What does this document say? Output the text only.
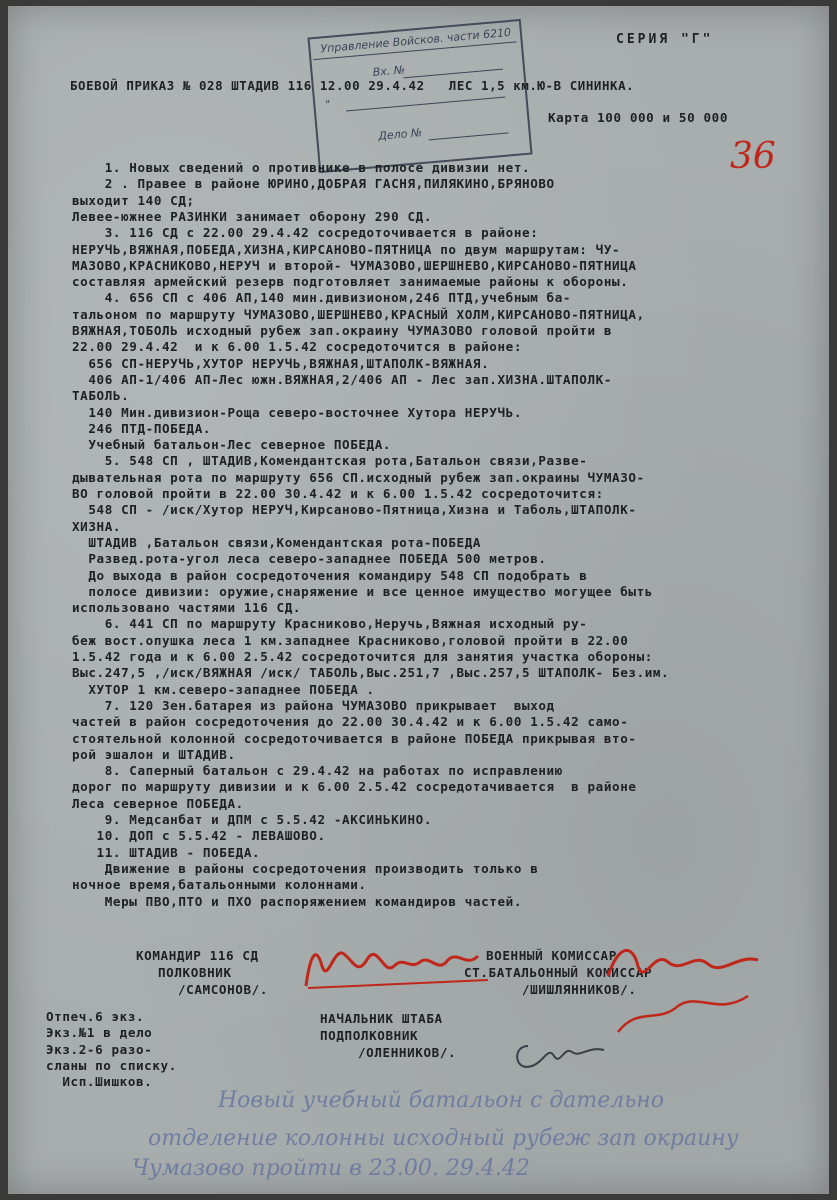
Управление Войсков. части 6210
Вх. №
"
Дело №
СЕРИЯ "Г"
БОЕВОЙ ПРИКАЗ № 028 ШТАДИВ 116 12.00 29.4.42   ЛЕС 1,5 км.Ю-В СИНИНКА.
Карта 100 000 и 50 000
36
1. Новых сведений о противнике в полосе дивизии нет.
2 . Правее в районе ЮРИНО,ДОБРАЯ ГАСНЯ,ПИЛЯКИНО,БРЯНОВО
выходит 140 СД;
Левее-южнее РАЗИНКИ занимает оборону 290 СД.
3. 116 СД с 22.00 29.4.42 сосредоточивается в районе:
НЕРУЧЬ,ВЯЖНАЯ,ПОБЕДА,ХИЗНА,КИРСАНОВО-ПЯТНИЦА по двум маршрутам: ЧУ-
МАЗОВО,КРАСНИКОВО,НЕРУЧ и второй- ЧУМАЗОВО,ШЕРШНЕВО,КИРСАНОВО-ПЯТНИЦА
составляя армейский резерв подготовляет занимаемые районы к обороны.
4. 656 СП с 406 АП,140 мин.дивизионом,246 ПТД,учебным ба-
тальоном по маршруту ЧУМАЗОВО,ШЕРШНЕВО,КРАСНЫЙ ХОЛМ,КИРСАНОВО-ПЯТНИЦА,
ВЯЖНАЯ,ТОБОЛЬ исходный рубеж зап.окраину ЧУМАЗОВО головой пройти в
22.00 29.4.42  и к 6.00 1.5.42 сосредоточится в районе:
656 СП-НЕРУЧЬ,ХУТОР НЕРУЧЬ,ВЯЖНАЯ,ШТАПОЛК-ВЯЖНАЯ.
406 АП-1/406 АП-Лес южн.ВЯЖНАЯ,2/406 АП - Лес зап.ХИЗНА.ШТАПОЛК-
ТАБОЛЬ.
140 Мин.дивизион-Роща северо-восточнее Хутора НЕРУЧЬ.
246 ПТД-ПОБЕДА.
Учебный батальон-Лес северное ПОБЕДА.
5. 548 СП , ШТАДИВ,Комендантская рота,Батальон связи,Разве-
дывательная рота по маршруту 656 СП.исходный рубеж зап.окраины ЧУМАЗО-
ВО головой пройти в 22.00 30.4.42 и к 6.00 1.5.42 сосредоточится:
548 СП - /иск/Хутор НЕРУЧ,Кирсаново-Пятница,Хизна и Таболь,ШТАПОЛК-
ХИЗНА.
ШТАДИВ ,Батальон связи,Комендантская рота-ПОБЕДА
Развед.рота-угол леса северо-западнее ПОБЕДА 500 метров.
До выхода в район сосредоточения командиру 548 СП подобрать в
полосе дивизии: оружие,снаряжение и все ценное имущество могущее быть
использовано частями 116 СД.
6. 441 СП по маршруту Красниково,Неручь,Вяжная исходный ру-
беж вост.опушка леса 1 км.западнее Красниково,головой пройти в 22.00
1.5.42 года и к 6.00 2.5.42 сосредоточится для занятия участка обороны:
Выс.247,5 ,/иск/ВЯЖНАЯ /иск/ ТАБОЛЬ,Выс.251,7 ,Выс.257,5 ШТАПОЛК- Без.им.
ХУТОР 1 км.северо-западнее ПОБЕДА .
7. 120 Зен.батарея из района ЧУМАЗОВО прикрывает  выход
частей в район сосредоточения до 22.00 30.4.42 и к 6.00 1.5.42 само-
стоятельной колонной сосредоточивается в районе ПОБЕДА прикрывая вто-
рой эшалон и ШТАДИВ.
8. Саперный батальон с 29.4.42 на работах по исправлению
дорог по маршруту дивизии и к 6.00 2.5.42 сосредотачивается  в районе
Леса северное ПОБЕДА.
9. Медсанбат и ДПМ с 5.5.42 -АКСИНЬКИНО.
10. ДОП с 5.5.42 - ЛЕВАШОВО.
11. ШТАДИВ - ПОБЕДА.
Движение в районы сосредоточения производить только в
ночное время,батальонными колоннами.
Меры ПВО,ПТО и ПХО распоряжением командиров частей.
КОМАНДИР 116 СД
ПОЛКОВНИК
/САМСОНОВ/.
ВОЕННЫЙ КОМИССАР
СТ.БАТАЛЬОННЫЙ КОМИССАР
/ШИШЛЯННИКОВ/.
НАЧАЛЬНИК ШТАБА
ПОДПОЛКОВНИК
/ОЛЕННИКОВ/.
Отпеч.6 экз.
Экз.№1 в дело
Экз.2-6 разо-
сланы по списку.
Исп.Шишков.
Новый учебный батальон с дательно
отделение колонны исходный рубеж зап окраину
Чумазово пройти в 23.00. 29.4.42
